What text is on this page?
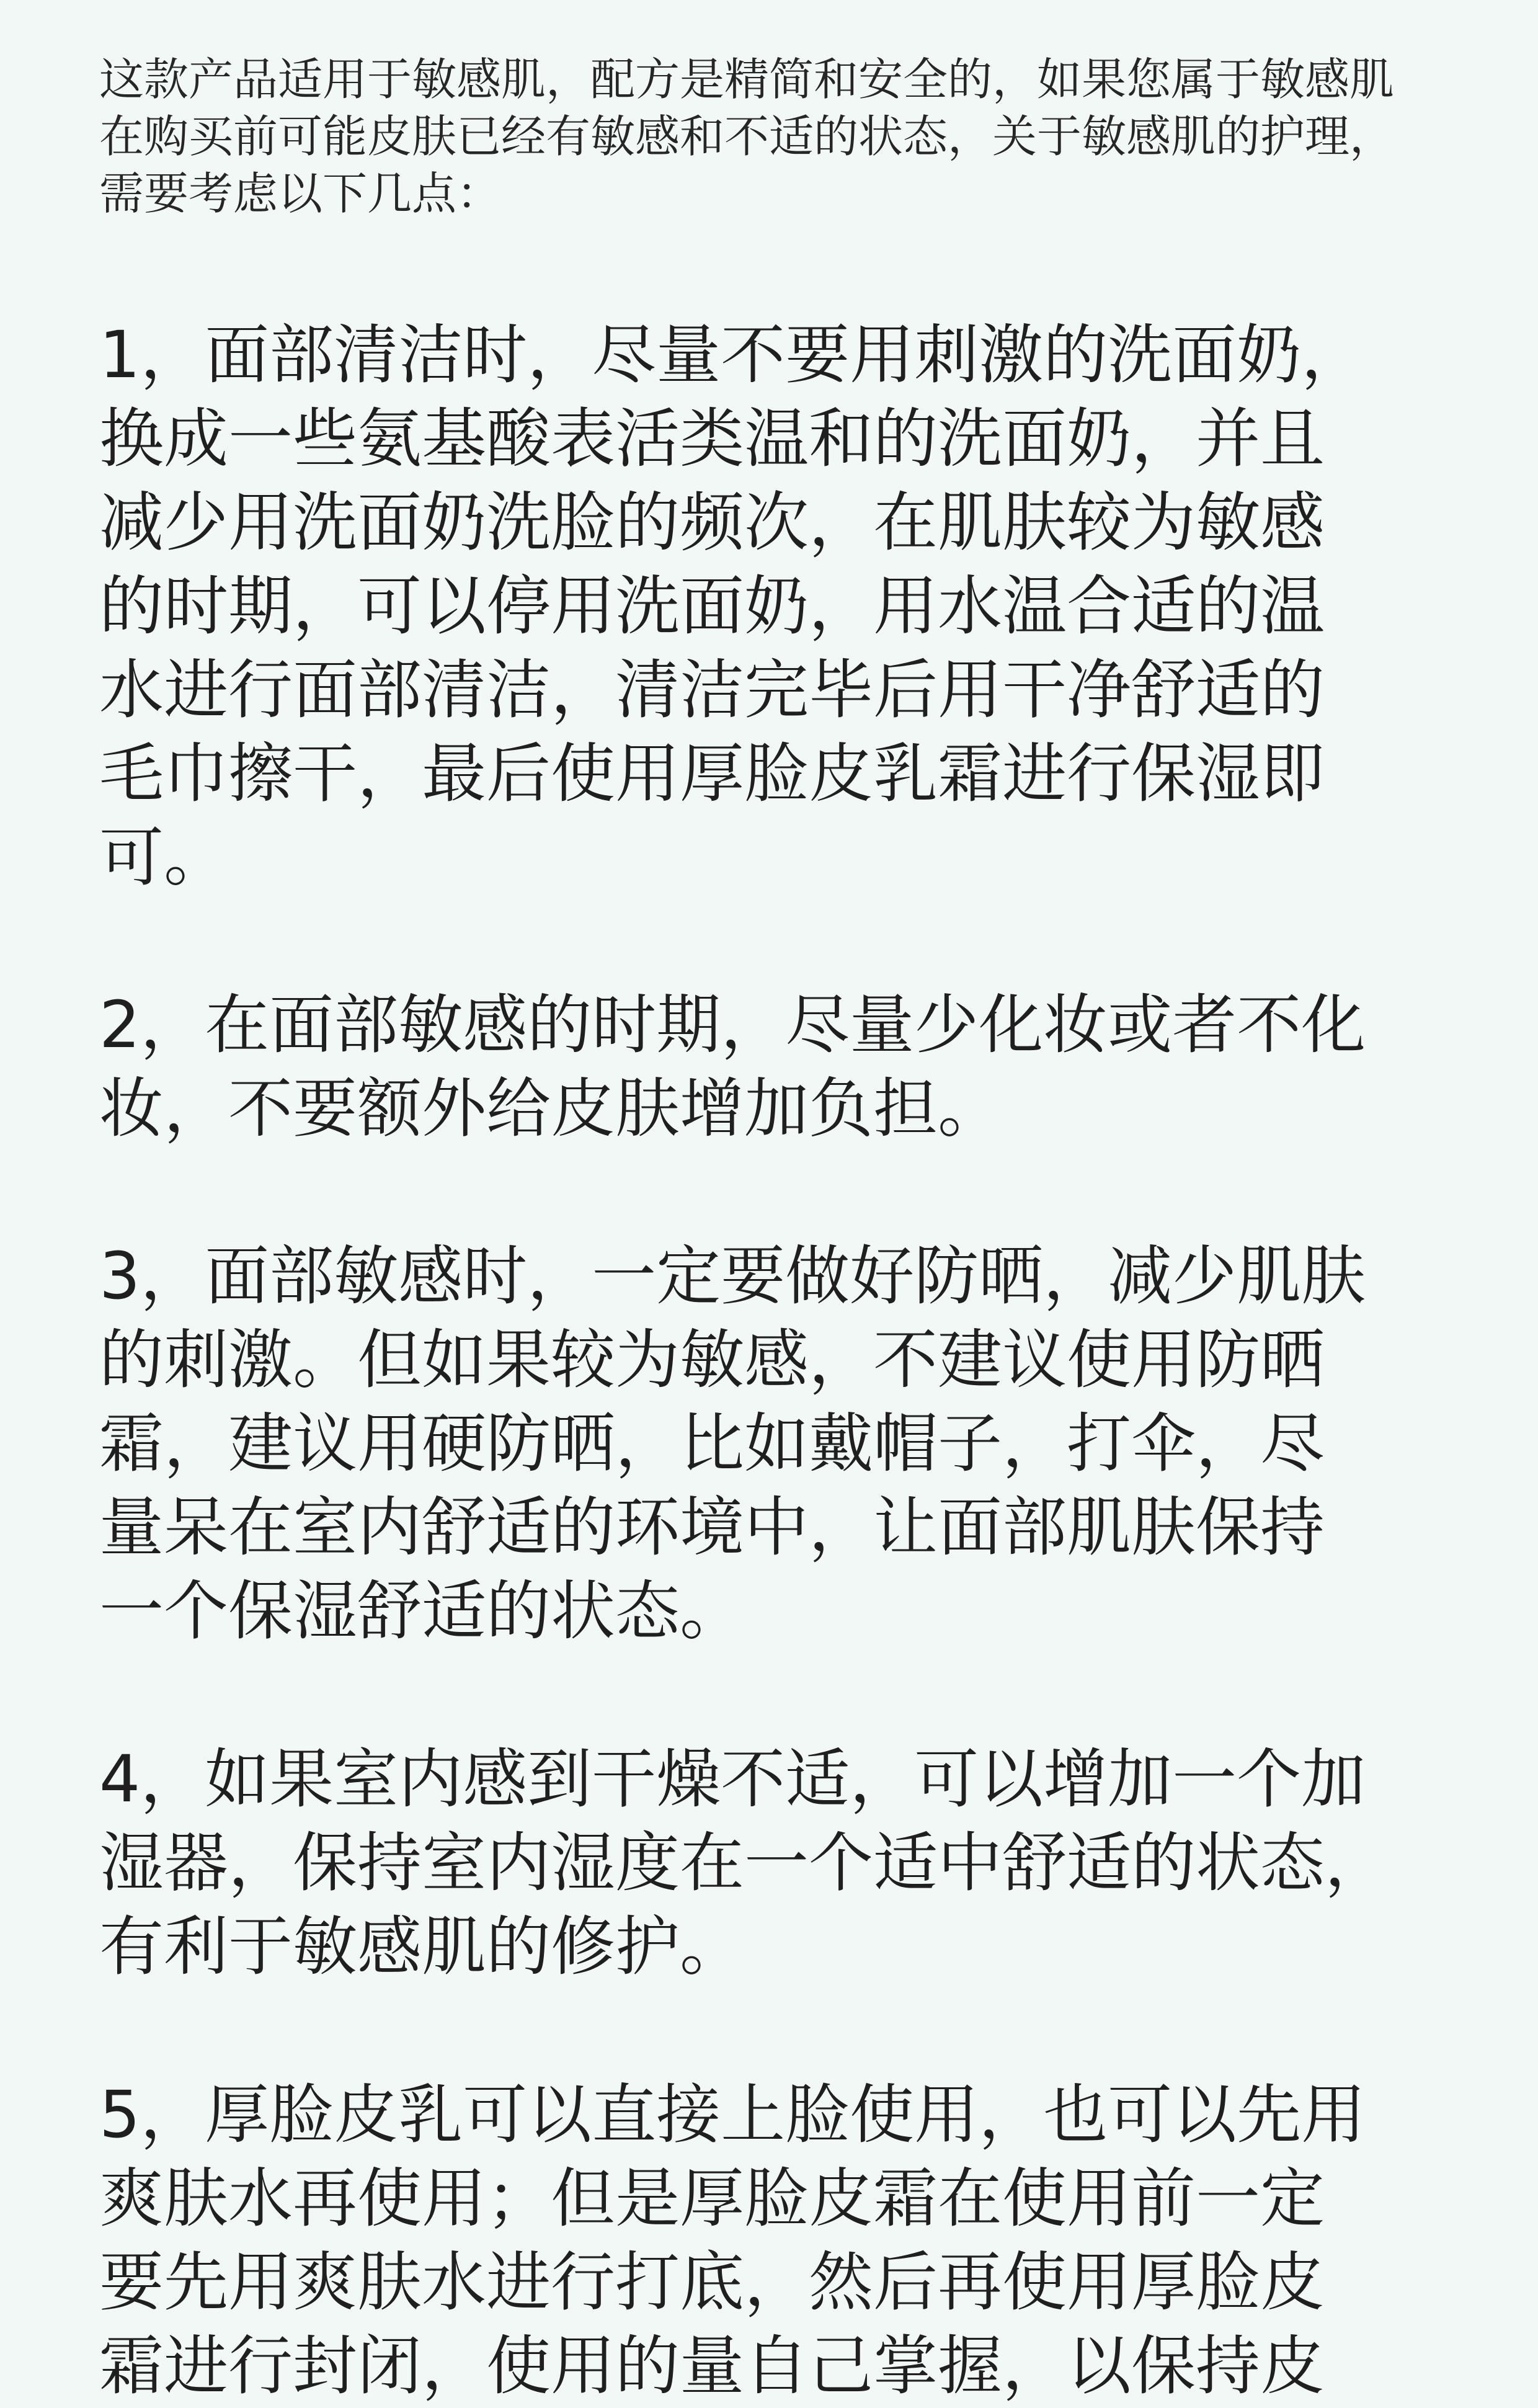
这款产品适用于敏感肌，配方是精简和安全的，如果您属于敏感肌
在购买前可能皮肤已经有敏感和不适的状态，关于敏感肌的护理，
需要考虑以下几点：
1，面部清洁时，尽量不要用刺激的洗面奶，
换成一些氨基酸表活类温和的洗面奶，并且
减少用洗面奶洗脸的频次，在肌肤较为敏感
的时期，可以停用洗面奶，用水温合适的温
水进行面部清洁，清洁完毕后用干净舒适的
毛巾擦干，最后使用厚脸皮乳霜进行保湿即
可。
2，在面部敏感的时期，尽量少化妆或者不化
妆，不要额外给皮肤增加负担。
3，面部敏感时，一定要做好防晒，减少肌肤
的刺激。但如果较为敏感，不建议使用防晒
霜，建议用硬防晒，比如戴帽子，打伞，尽
量呆在室内舒适的环境中，让面部肌肤保持
一个保湿舒适的状态。
4，如果室内感到干燥不适，可以增加一个加
湿器，保持室内湿度在一个适中舒适的状态，
有利于敏感肌的修护。
5，厚脸皮乳可以直接上脸使用，也可以先用
爽肤水再使用；但是厚脸皮霜在使用前一定
要先用爽肤水进行打底，然后再使用厚脸皮
霜进行封闭，使用的量自己掌握，以保持皮
